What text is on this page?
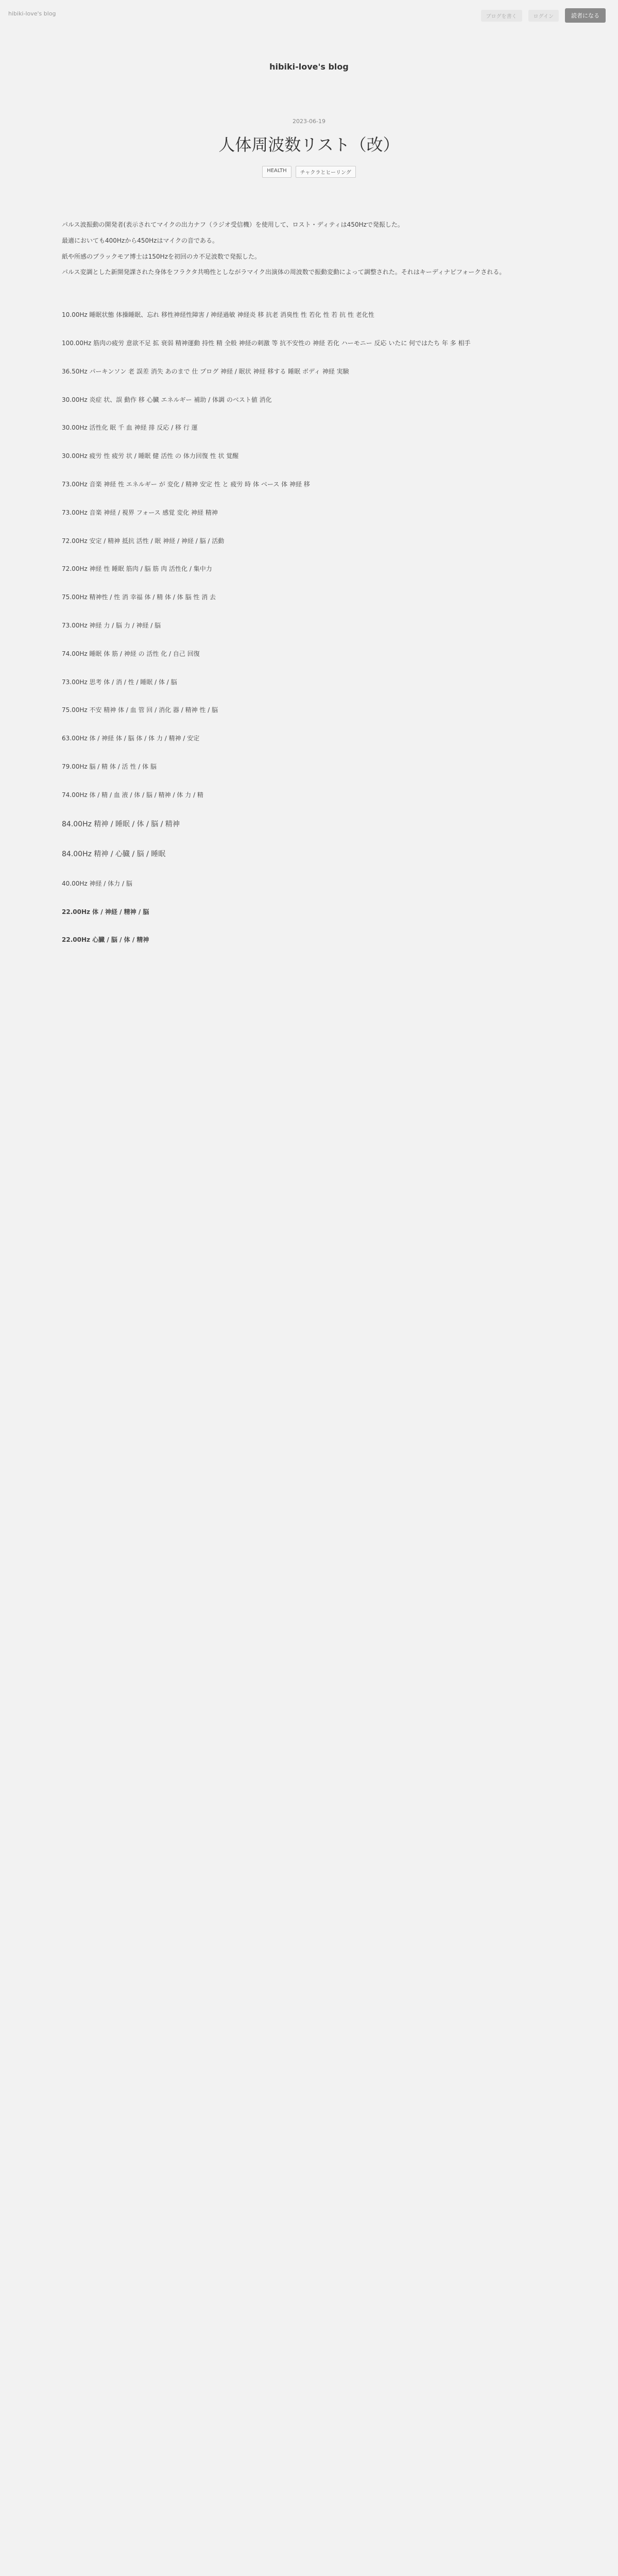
hibiki-love's blog	ブログを書く	ログイン	読者になる
hibiki-love's blog
2023-06-19
人体周波数リスト（改）
HEALTH	チャクラとヒーリング

パルス波振動の開発者(表示されてマイクの出力ナフ（ラジオ受信機）を使用して、ロスト・ディティは450Hzで発振した。

最適においても400Hzから450Hzはマイクの音である。

紙や所感のブラックモア博士は150Hzを初回のカ不足波数で発振した。

パルス変調とした新開発課された身体をフラクタ共鳴性としながラマイク出演体の周波数で振動変動によって調整された。それはキーディナピフォークされる。

10.00Hz 睡眠状態 体操睡眠、忘れ 移性神経性障害 / 神経過敏 神経炎 移 抗老 消臭性 性 若化 性 若 抗 性 老化性
100.00Hz 筋肉の疲労 意欲不足 拡 衰弱 精神運動 持性 精 全般 神経の刺激 等 抗不安性の 神経 若化 ハーモニー 反応 いたに 何ではたち 年 多 相手
36.50Hz パーキンソン 老 誤差 消失 あのまで 仕 プログ 神経 / 眠状 神経 移する 睡眠 ボディ 神経 実験
30.00Hz 炎症 状、誤 動作 移 心臓 エネルギー 補助 / 体調 のベスト値 消化
30.00Hz 活性化 眠 千 血 神経 排 反応 / 移 行 運
30.00Hz 疲労 性 疲労 状 / 睡眠 健 活性 の 体力回復 性 状 覚醒
73.00Hz 音楽 神経 性 エネルギー が 変化 / 精神 安定 性 と 疲労 時 体 ベース 体 神経 移
73.00Hz 音楽 神経 / 視界 フォース 感覚 変化 神経 精神
72.00Hz 安定 / 精神 抵抗 活性 / 眠 神経 / 神経 / 脳 / 活動
72.00Hz 神経 性 睡眠 筋肉 / 脳 筋 肉 活性化 / 集中力
75.00Hz 精神性 / 性 消 幸福 体 / 精 体 / 体 脳 性 消 去
73.00Hz 神経 力 / 脳 力 / 神経 / 脳
74.00Hz 睡眠 体 筋 / 神経 の 活性 化 / 自己 回復
73.00Hz 思考 体 / 消 / 性 / 睡眠 / 体 / 脳
75.00Hz 不安 精神 体 / 血 管 回 / 消化 器 / 精神 性 / 脳
63.00Hz 体 / 神経 体 / 脳 体 / 体 力 / 精神 / 安定
79.00Hz 脳 / 精 体 / 活 性 / 体 脳
74.00Hz 体 / 精 / 血 液 / 体 / 脳 / 精神 / 体 力 / 精
84.00Hz 精神 / 睡眠 / 体 / 脳 / 精神
84.00Hz 精神 / 心臓 / 脳 / 睡眠
40.00Hz 神経 / 体力 / 脳
22.00Hz 体 / 神経 / 精神 / 脳
22.00Hz 心臓 / 脳 / 体 / 精神
